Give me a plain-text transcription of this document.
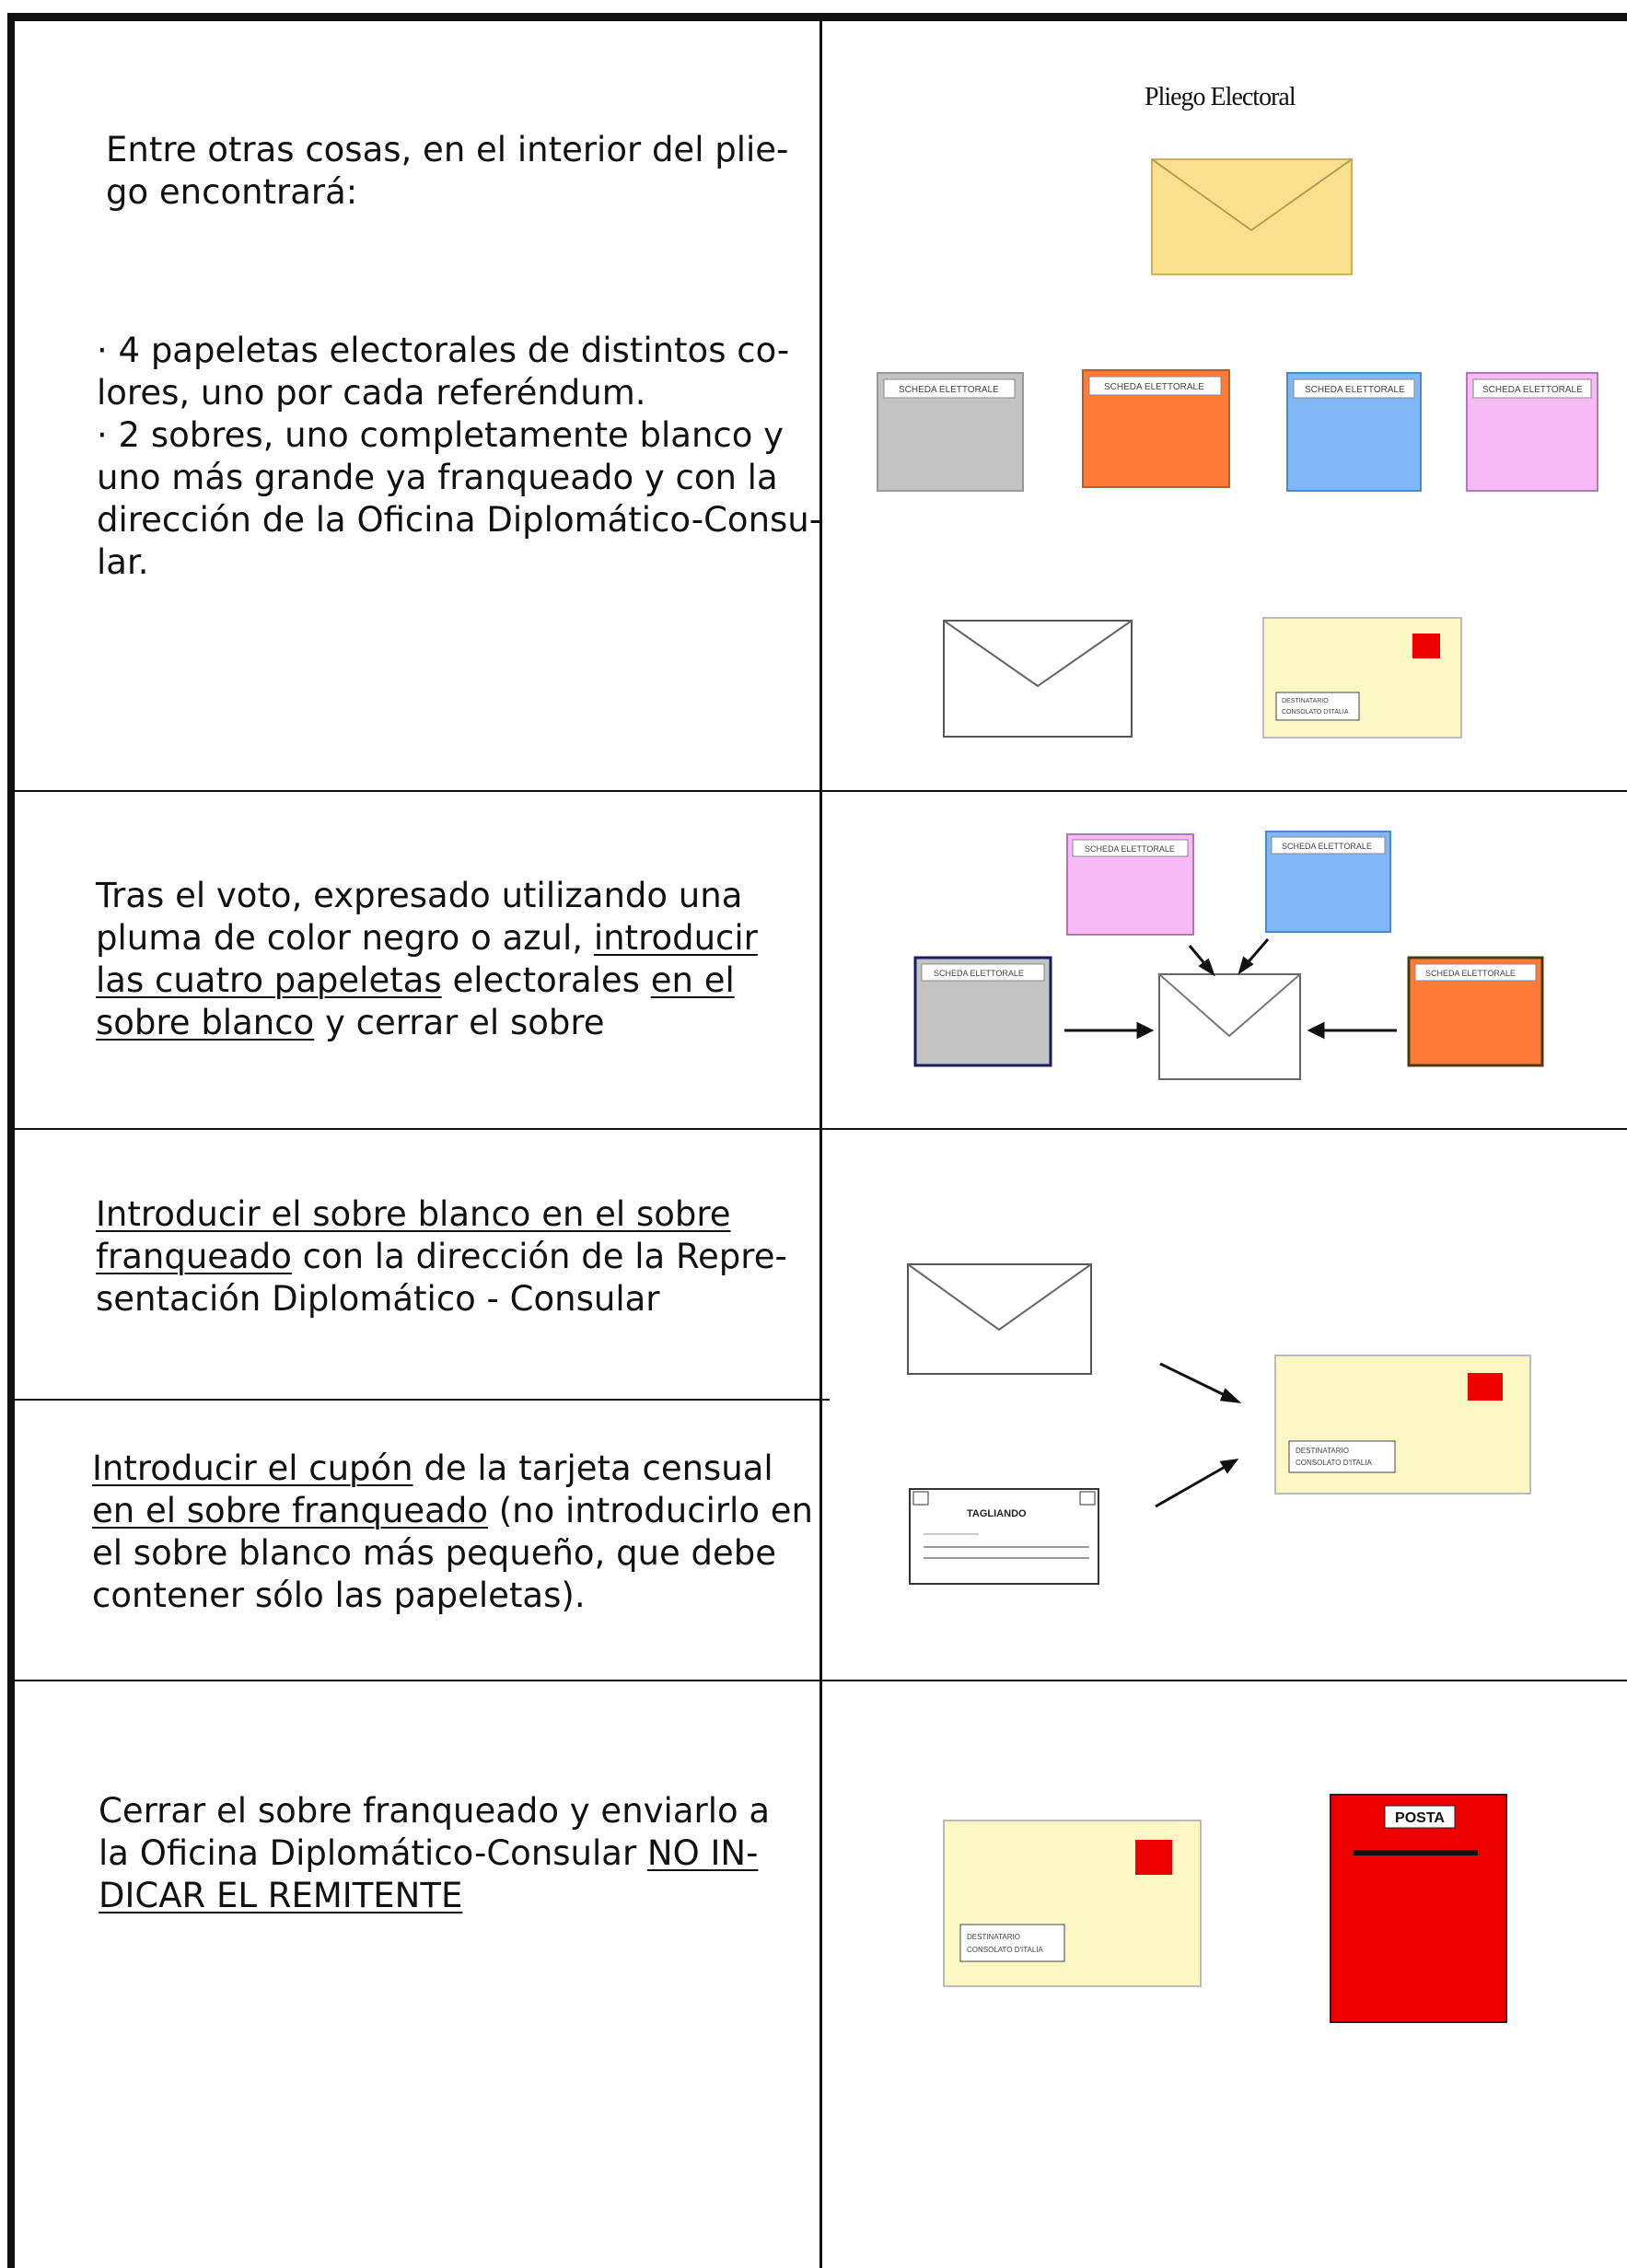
Entre otras cosas, en el interior del plie-
go encontrará:
· 4 papeletas electorales de distintos co-
lores, uno por cada referéndum.
· 2 sobres, uno completamente blanco y
uno más grande ya franqueado y con la
dirección de la Oficina Diplomático-Consu-
lar.
Pliego Electoral
SCHEDA ELETTORALE	SCHEDA ELETTORALE	SCHEDA ELETTORALE	SCHEDA ELETTORALE
DESTINATARIO
CONSOLATO D'ITALIA
SCHEDA ELETTORALE	SCHEDA ELETTORALE
SCHEDA ELETTORALE	SCHEDA ELETTORALE
DESTINATARIO
CONSOLATO D'ITALIA
TAGLIANDO
DESTINATARIO
CONSOLATO D'ITALIA
POSTA
Tras el voto, expresado utilizando una
pluma de color negro o azul, introducir
las cuatro papeletas electorales en el
sobre blanco y cerrar el sobre
Introducir el sobre blanco en el sobre
franqueado con la dirección de la Repre-
sentación Diplomático - Consular
Introducir el cupón de la tarjeta censual
en el sobre franqueado (no introducirlo en
el sobre blanco más pequeño, que debe
contener sólo las papeletas).
Cerrar el sobre franqueado y enviarlo a
la Oficina Diplomático-Consular NO IN-
DICAR EL REMITENTE
